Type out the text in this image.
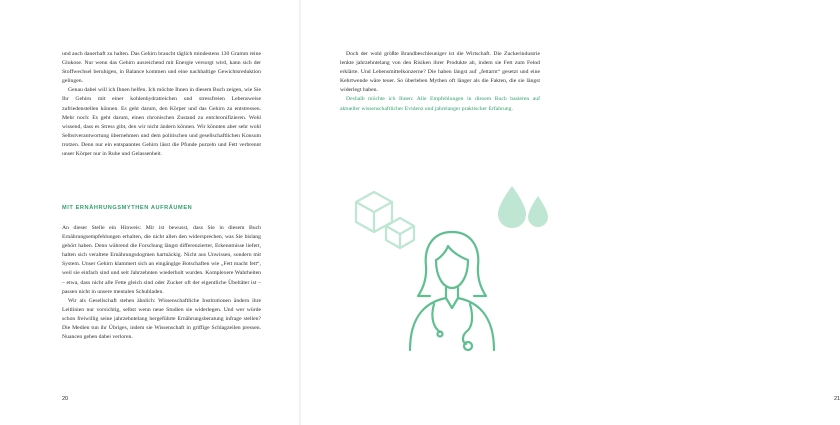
und auch dauerhaft zu halten. Das Gehirn braucht täglich mindestens 130 Gramm reine Glukose. Nur wenn das Gehirn ausreichend mit Energie versorgt wird, kann sich der Stoffwechsel beruhigen, in Balance kommen und eine nachhaltige Gewichtsreduktion gelingen.

Genau dabei will ich Ihnen helfen. Ich möchte Ihnen in diesem Buch zeigen, wie Sie Ihr Gehirn mit einer kohlenhydratreichen und stressfreien Lebensweise zufriedenstellen können. Es geht darum, den Körper und das Gehirn zu entstressen. Mehr noch: Es geht darum, einen chronischen Zustand zu entchronifizieren. Wohl wissend, dass es Stress gibt, den wir nicht ändern können. Wir könnten aber sehr wohl Selbstverantwortung übernehmen und dem politischen und gesellschaftlichen Konsum trotzen. Denn nur ein entspanntes Gehirn lässt die Pfunde purzeln und Fett verbrennt unser Körper nur in Ruhe und Gelassenheit.

MIT ERNÄHRUNGSMYTHEN AUFRÄUMEN

An dieser Stelle ein Hinweis: Mir ist bewusst, dass Sie in diesem Buch Ernährungsempfehlungen erhalten, die nicht allen den widersprechen, was Sie bislang gehört haben. Denn während die Forschung längst differenzierter, Erkenntnisse liefert, halten sich veraltete Ernährungsdogmen hartnäckig. Nicht aus Unwissen, sondern mit System. Unser Gehirn klammert sich an eingängige Botschaften wie „Fett macht fett“, weil sie einfach sind und seit Jahrzehnten wiederholt wurden. Komplexere Wahrheiten – etwa, dass nicht alle Fette gleich sind oder Zucker oft der eigentliche Übeltäter ist – passen nicht in unsere mentalen Schubladen.

Wir als Gesellschaft stehen ähnlich: Wissenschaftliche Institutionen ändern ihre Leitlinien nur vorsichtig, selbst wenn neue Studien sie widerlegen. Und wer würde schon freiwillig seine jahrzehntelang hergeführte Ernährungsberatung infrage stellen? Die Medien tun ihr Übriges, indem sie Wissenschaft in griffige Schlagzeilen pressen. Nuancen gehen dabei verloren.

20	21

Doch der wohl größte Brandbeschleuniger ist die Wirtschaft. Die Zuckerindustrie lenkte jahrzehntelang von den Risiken ihrer Produkte ab, indem sie Fett zum Feind erklärte. Und Lebensmittelkonzerne? Die haben längst auf „fettarm“ gesetzt und eine Kehrtwende wäre teuer. So überleben Mythen oft länger als die Fakten, die sie längst widerlegt haben.

Deshalb möchte ich Ihnen: Alle Empfehlungen in diesem Buch basieren auf aktueller wissenschaftlicher Evidenz und jahrelanger praktischer Erfahrung.
